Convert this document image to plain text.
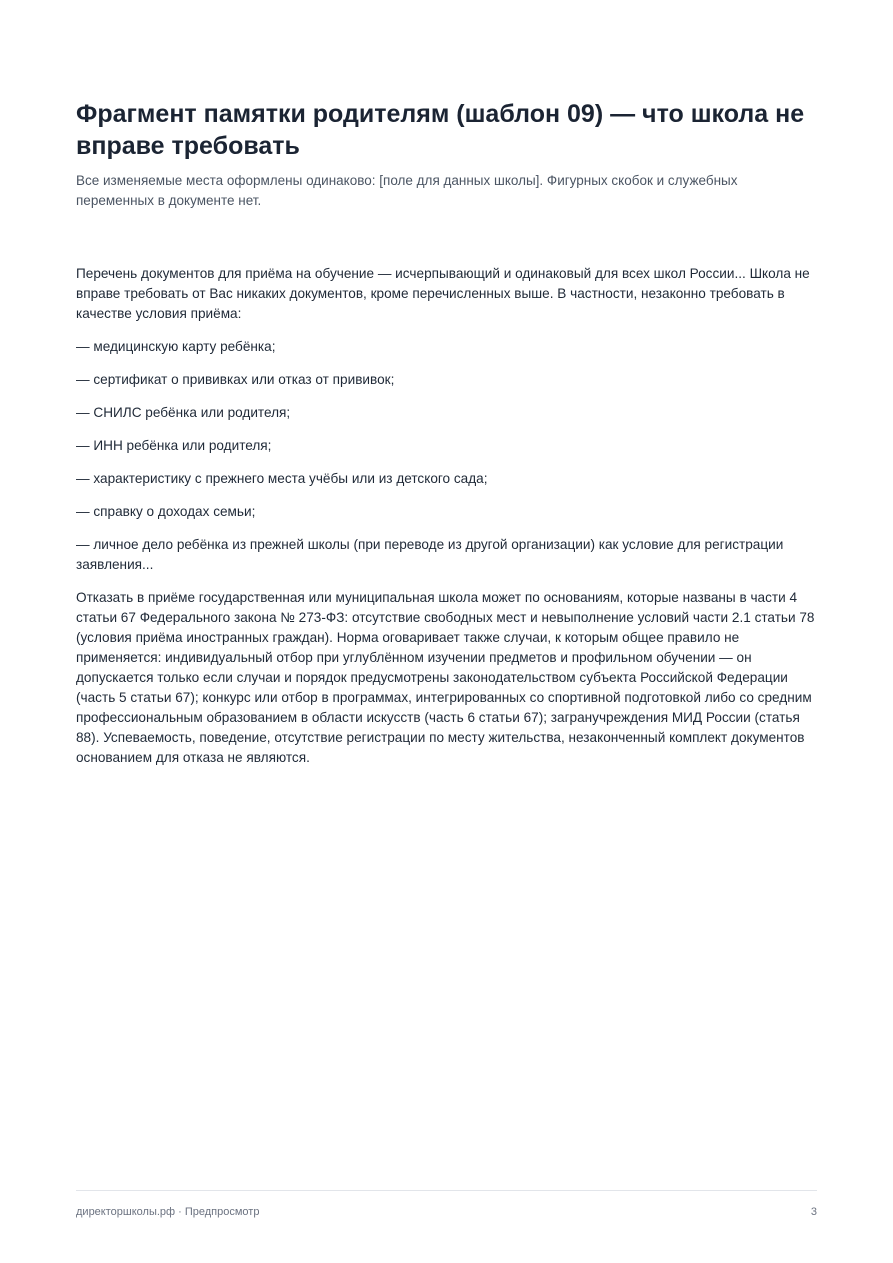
Фрагмент памятки родителям (шаблон 09) — что школа не вправе требовать

Все изменяемые места оформлены одинаково: [поле для данных школы]. Фигурных скобок и служебных переменных в документе нет.

Перечень документов для приёма на обучение — исчерпывающий и одинаковый для всех школ России... Школа не вправе требовать от Вас никаких документов, кроме перечисленных выше. В частности, незаконно требовать в качестве условия приёма:

— медицинскую карту ребёнка;

— сертификат о прививках или отказ от прививок;

— СНИЛС ребёнка или родителя;

— ИНН ребёнка или родителя;

— характеристику с прежнего места учёбы или из детского сада;

— справку о доходах семьи;

— личное дело ребёнка из прежней школы (при переводе из другой организации) как условие для регистрации заявления...

Отказать в приёме государственная или муниципальная школа может по основаниям, которые названы в части 4 статьи 67 Федерального закона № 273-ФЗ: отсутствие свободных мест и невыполнение условий части 2.1 статьи 78 (условия приёма иностранных граждан). Норма оговаривает также случаи, к которым общее правило не применяется: индивидуальный отбор при углублённом изучении предметов и профильном обучении — он допускается только если случаи и порядок предусмотрены законодательством субъекта Российской Федерации (часть 5 статьи 67); конкурс или отбор в программах, интегрированных со спортивной подготовкой либо со средним профессиональным образованием в области искусств (часть 6 статьи 67); загранучреждения МИД России (статья 88). Успеваемость, поведение, отсутствие регистрации по месту жительства, незаконченный комплект документов основанием для отказа не являются.

директоршколы.рф · Предпросмотр	3
